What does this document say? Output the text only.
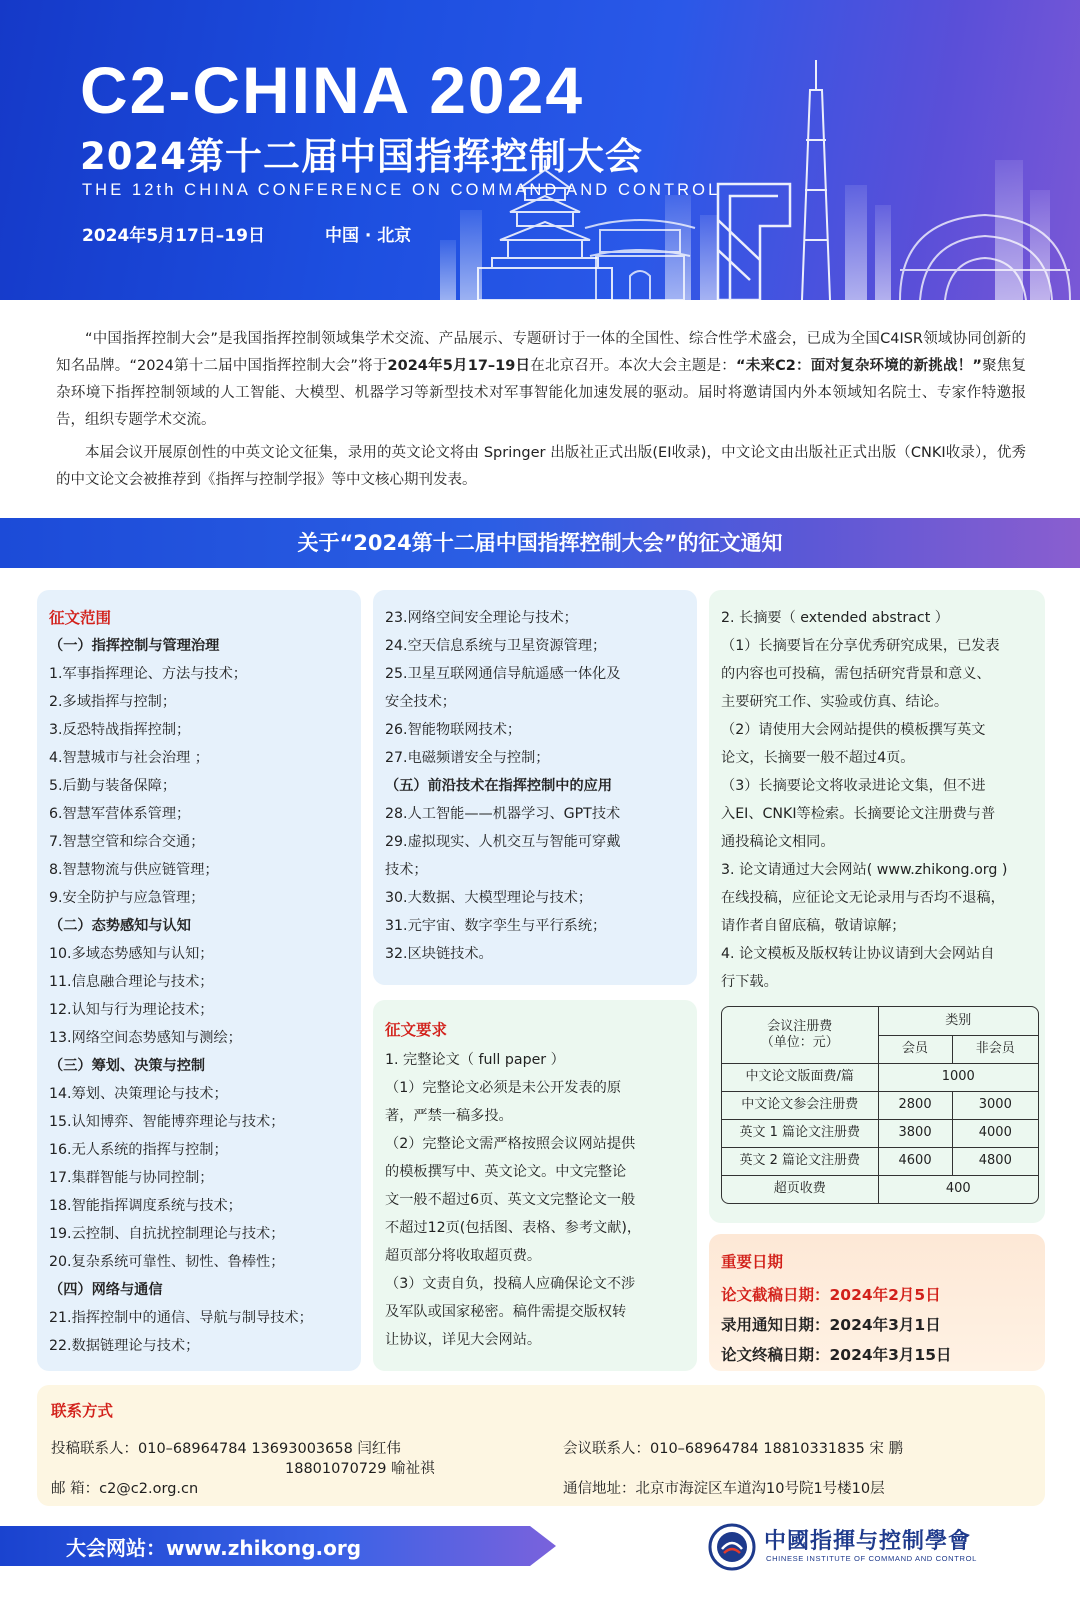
C2-CHINA 2024
2024第十二届中国指挥控制大会
THE 12th CHINA CONFERENCE ON COMMAND AND CONTROL
2024年5月17日–19日	中国 · 北京

“中国指挥控制大会”是我国指挥控制领域集学术交流、产品展示、专题研讨于一体的全国性、综合性学术盛会，已成为全国C4ISR领域协同创新的知名品牌。“2024第十二届中国指挥控制大会”将于2024年5月17–19日在北京召开。本次大会主题是：“未来C2：面对复杂环境的新挑战！”聚焦复杂环境下指挥控制领域的人工智能、大模型、机器学习等新型技术对军事智能化加速发展的驱动。届时将邀请国内外本领域知名院士、专家作特邀报告，组织专题学术交流。

本届会议开展原创性的中英文论文征集，录用的英文论文将由 Springer 出版社正式出版(EI收录)，中文论文由出版社正式出版（CNKI收录），优秀的中文论文会被推荐到《指挥与控制学报》等中文核心期刊发表。

关于“2024第十二届中国指挥控制大会”的征文通知
征文范围
（一）指挥控制与管理治理
1.军事指挥理论、方法与技术；
2.多域指挥与控制；
3.反恐特战指挥控制；
4.智慧城市与社会治理 ；
5.后勤与装备保障；
6.智慧军营体系管理；
7.智慧空管和综合交通；
8.智慧物流与供应链管理；
9.安全防护与应急管理；
（二）态势感知与认知
10.多域态势感知与认知；
11.信息融合理论与技术；
12.认知与行为理论技术；
13.网络空间态势感知与测绘；
（三）筹划、决策与控制
14.筹划、决策理论与技术；
15.认知博弈、智能博弈理论与技术；
16.无人系统的指挥与控制；
17.集群智能与协同控制；
18.智能指挥调度系统与技术；
19.云控制、自抗扰控制理论与技术；
20.复杂系统可靠性、韧性、鲁棒性；
（四）网络与通信
21.指挥控制中的通信、导航与制导技术；
22.数据链理论与技术；
23.网络空间安全理论与技术；
24.空天信息系统与卫星资源管理；
25.卫星互联网通信导航遥感一体化及
安全技术；
26.智能物联网技术；
27.电磁频谱安全与控制；
（五）前沿技术在指挥控制中的应用
28.人工智能——机器学习、GPT技术
29.虚拟现实、人机交互与智能可穿戴
技术；
30.大数据、大模型理论与技术；
31.元宇宙、数字孪生与平行系统；
32.区块链技术。
征文要求
1. 完整论文（ full paper ）
（1）完整论文必须是未公开发表的原
著，严禁一稿多投。
（2）完整论文需严格按照会议网站提供
的模板撰写中、英文论文。中文完整论
文一般不超过6页、英文文完整论文一般
不超过12页(包括图、表格、参考文献)，
超页部分将收取超页费。
（3）文责自负，投稿人应确保论文不涉
及军队或国家秘密。稿件需提交版权转
让协议，详见大会网站。
2. 长摘要（ extended abstract ）
（1）长摘要旨在分享优秀研究成果，已发表
的内容也可投稿，需包括研究背景和意义、
主要研究工作、实验或仿真、结论。
（2）请使用大会网站提供的模板撰写英文
论文，长摘要一般不超过4页。
（3）长摘要论文将收录进论文集，但不进
入EI、CNKI等检索。长摘要论文注册费与普
通投稿论文相同。
3. 论文请通过大会网站( www.zhikong.org )
在线投稿，应征论文无论录用与否均不退稿，
请作者自留底稿，敬请谅解；
4. 论文模板及版权转让协议请到大会网站自
行下载。
会议注册费
（单位：元）	类别	
	会员	非会员
中文论文版面费/篇	1000	
中文论文参会注册费	2800	3000
英文 1 篇论文注册费	3800	4000
英文 2 篇论文注册费	4600	4800
超页收费	400	
重要日期
论文截稿日期：2024年2月5日
录用通知日期：2024年3月1日
论文终稿日期：2024年3月15日
联系方式
投稿联系人：010–68964784 13693003658 闫红伟
18801070729 喻祉祺
邮 箱：c2@c2.org.cn
会议联系人：010–68964784 18810331835 宋 鹏
通信地址：北京市海淀区车道沟10号院1号楼10层
大会网站：www.zhikong.org	中國指揮与控制學會
CHINESE INSTITUTE OF COMMAND AND CONTROL
